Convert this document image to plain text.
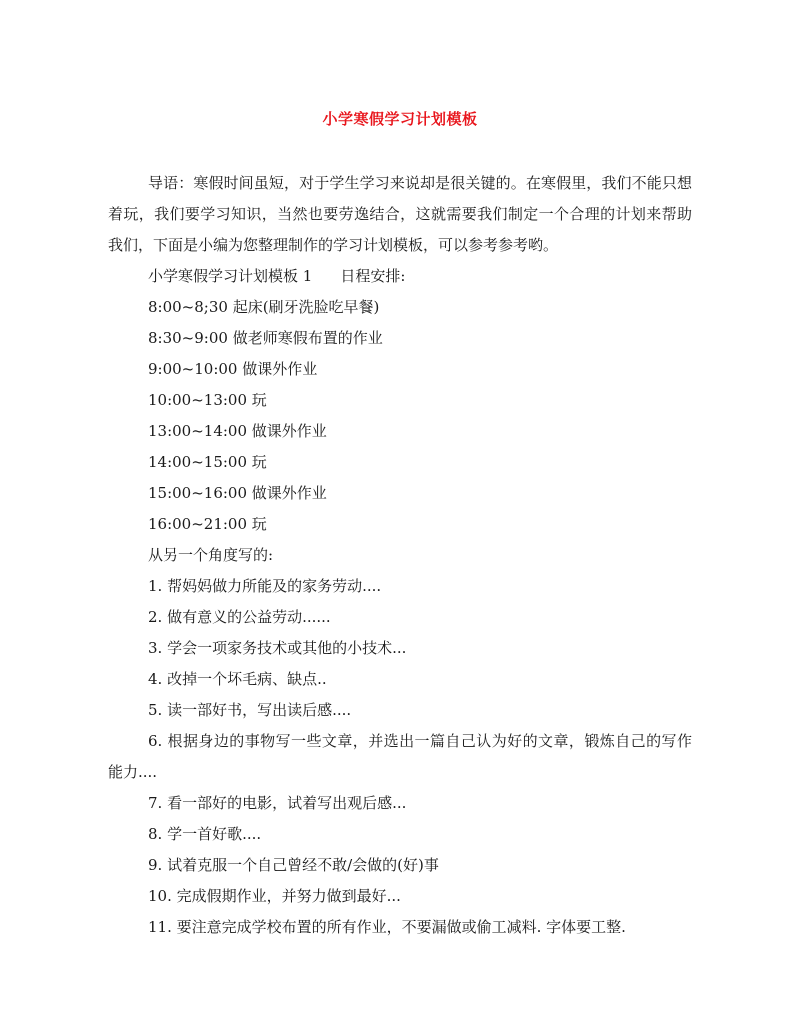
小学寒假学习计划模板

导语：寒假时间虽短，对于学生学习来说却是很关键的。在寒假里，我们不能只想着玩，我们要学习知识，当然也要劳逸结合，这就需要我们制定一个合理的计划来帮助我们，下面是小编为您整理制作的学习计划模板，可以参考参考哟。

小学寒假学习计划模板 1 日程安排:

8:00~8;30 起床(刷牙洗脸吃早餐)

8:30~9:00 做老师寒假布置的作业

9:00~10:00 做课外作业

10:00~13:00 玩

13:00~14:00 做课外作业

14:00~15:00 玩

15:00~16:00 做课外作业

16:00~21:00 玩

从另一个角度写的:

1. 帮妈妈做力所能及的家务劳动....

2. 做有意义的公益劳动......

3. 学会一项家务技术或其他的小技术...

4. 改掉一个坏毛病、缺点..

5. 读一部好书，写出读后感....

6. 根据身边的事物写一些文章，并选出一篇自己认为好的文章，锻炼自己的写作能力....

7. 看一部好的电影，试着写出观后感...

8. 学一首好歌....

9. 试着克服一个自己曾经不敢/会做的(好)事

10. 完成假期作业，并努力做到最好...

11. 要注意完成学校布置的所有作业，不要漏做或偷工减料. 字体要工整.
